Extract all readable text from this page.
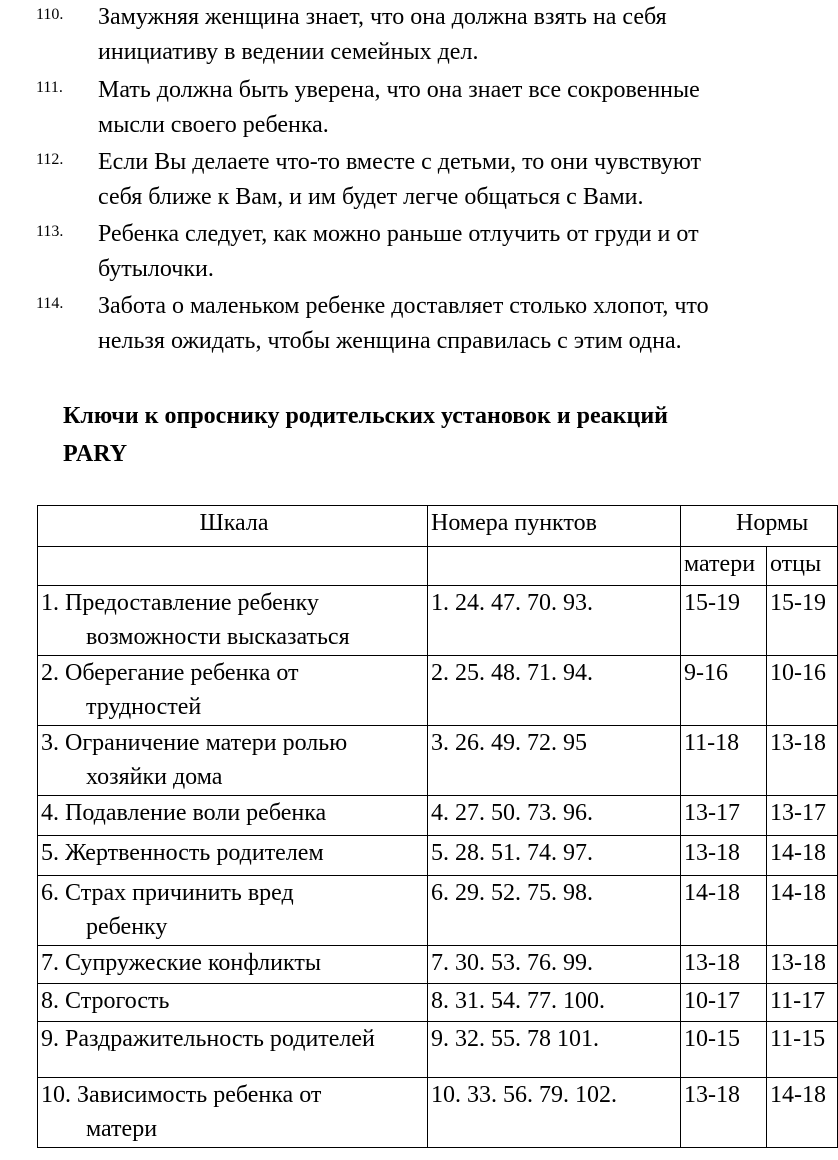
110. Замужняя женщина знает, что она должна взять на себя
инициативу в ведении семейных дел.
111. Мать должна быть уверена, что она знает все сокровенные
мысли своего ребенка.
112. Если Вы делаете что-то вместе с детьми, то они чувствуют
себя ближе к Вам, и им будет легче общаться с Вами.
113. Ребенка следует, как можно раньше отлучить от груди и от
бутылочки.
114. Забота о маленьком ребенке доставляет столько хлопот, что
нельзя ожидать, чтобы женщина справилась с этим одна.
Ключи к опроснику родительских установок и реакций
PARY
Шкала	Номера пунктов	Нормы	
		матери	отцы

1. Предоставление ребенку
возможности высказаться	1. 24. 47. 70. 93.	15-19	15-19

2. Оберегание ребенка от
трудностей	2. 25. 48. 71. 94.	9-16	10-16

3. Ограничение матери ролью
хозяйки дома	3. 26. 49. 72. 95	11-18	13-18

4. Подавление воли ребенка	4. 27. 50. 73. 96.	13-17	13-17

5. Жертвенность родителем	5. 28. 51. 74. 97.	13-18	14-18

6. Страх причинить вред
ребенку	6. 29. 52. 75. 98.	14-18	14-18

7. Супружеские конфликты	7. 30. 53. 76. 99.	13-18	13-18

8. Строгость	8. 31. 54. 77. 100.	10-17	11-17

9. Раздражительность родителей	9. 32. 55. 78 101.	10-15	11-15

10. Зависимость ребенка от
матери	10. 33. 56. 79. 102.	13-18	14-18
